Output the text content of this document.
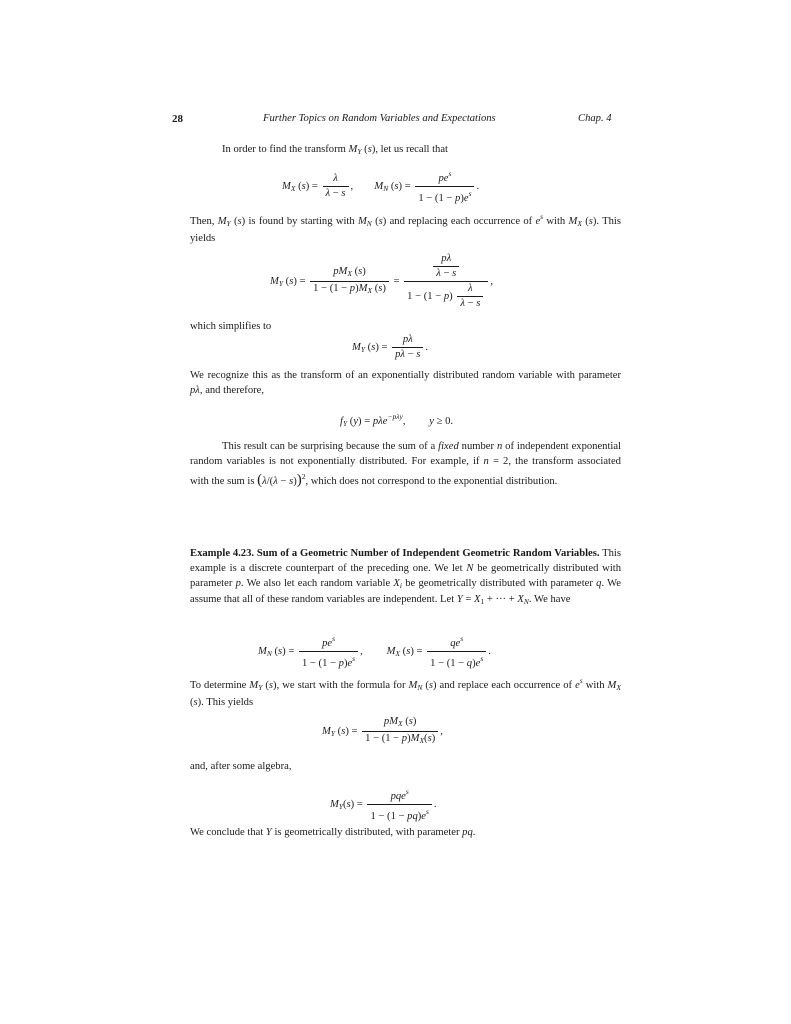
28	Further Topics on Random Variables and Expectations	Chap. 4
In order to find the transform $M_Y$ (s), let us recall that
$M_X$ $(s) = \frac{\lambda}{\lambda - s}$ ,        $M_N$ $(s) = \frac{pe^s}{1 - (1 - p)e^s}$ .
Then, $M_Y$ (s) is found by starting with $M_N$ (s) and replacing each occurrence of $e^s$ with $M_X$ (s). This yields
$M_Y$ $(s) = \frac{pM_X (s)}{1 - (1 - p)M_X (s)} = \frac{\frac{p\lambda}{\lambda - s}}{1 - (1 - p) \frac{\lambda}{\lambda - s}}$ ,
which simplifies to
$M_Y$ $(s) = \frac{p\lambda}{p\lambda - s}$ .
We recognize this as the transform of an exponentially distributed random variable with parameter pλ, and therefore,
$f_Y$ (y) = pλe$^{-p\lambda y}$,         y ≥ 0.
This result can be surprising because the sum of a fixed number n of independent exponential random variables is not exponentially distributed. For example, if n = 2, the transform associated with the sum is $(\lambda/(\lambda - s))^2$, which does not correspond to the exponential distribution.
Example 4.23. Sum of a Geometric Number of Independent Geometric Random Variables. This example is a discrete counterpart of the preceding one. We let N be geometrically distributed with parameter p. We also let each random variable $X_i$ be geometrically distributed with parameter q. We assume that all of these random variables are independent. Let $Y = X_1$ + ··· + $X_N$. We have
$M_N$ $(s) = \frac{pe^s}{1 - (1 - p)e^s}$ ,         $M_X$ $(s) = \frac{qe^s}{1 - (1 - q)e^s}$ .
To determine $M_Y$ (s), we start with the formula for $M_N$ (s) and replace each occurrence of $e^s$ with $M_X$ (s). This yields
$M_Y$ $(s) = \frac{pM_X (s)}{1 - (1 - p)M_X(s)}$ ,
and, after some algebra,
$M_Y(s) = \frac{pqe^s}{1 - (1 - pq)e^s}$ .
We conclude that Y is geometrically distributed, with parameter pq.
